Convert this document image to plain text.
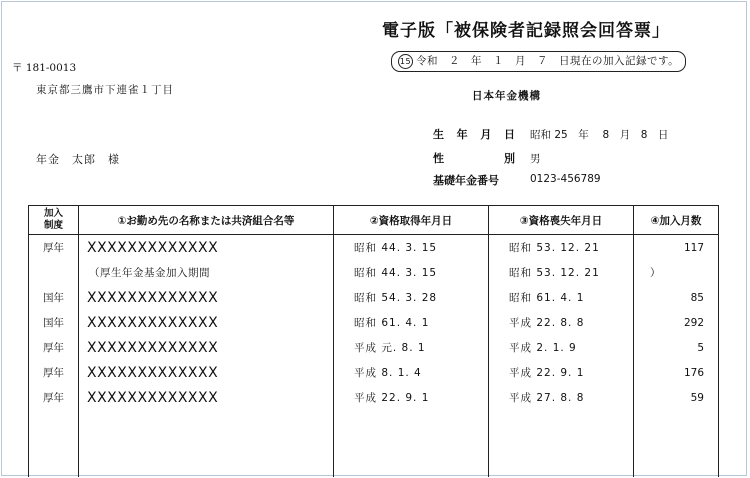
電子版「被保険者記録照会回答票」
15 令和　２　年　１　月　７　日現在の加入記録です。
〒 181-0013
東京都三鷹市下連雀１丁目	日本年金機構
年金　太郎　様
生 年 月 日 昭和 25　年　 8　月　8　日
性	別 男
基礎年金番号	0123-456789
加入
制度	①お勤め先の名称または共済組合名等	②資格取得年月日	③資格喪失年月日	④加入月数
厚年	XXXXXXXXXXXXX	昭和 44. 3. 15	昭和 53. 12. 21	117
	（厚生年金基金加入期間	昭和 44. 3. 15	昭和 53. 12. 21	）
国年	XXXXXXXXXXXXX	昭和 54. 3. 28	昭和 61. 4. 1	85
国年	XXXXXXXXXXXXX	昭和 61. 4. 1	平成 22. 8. 8	292
厚年	XXXXXXXXXXXXX	平成 元. 8. 1	平成 2. 1. 9	5
厚年	XXXXXXXXXXXXX	平成 8. 1. 4	平成 22. 9. 1	176
厚年	XXXXXXXXXXXXX	平成 22. 9. 1	平成 27. 8. 8	59
